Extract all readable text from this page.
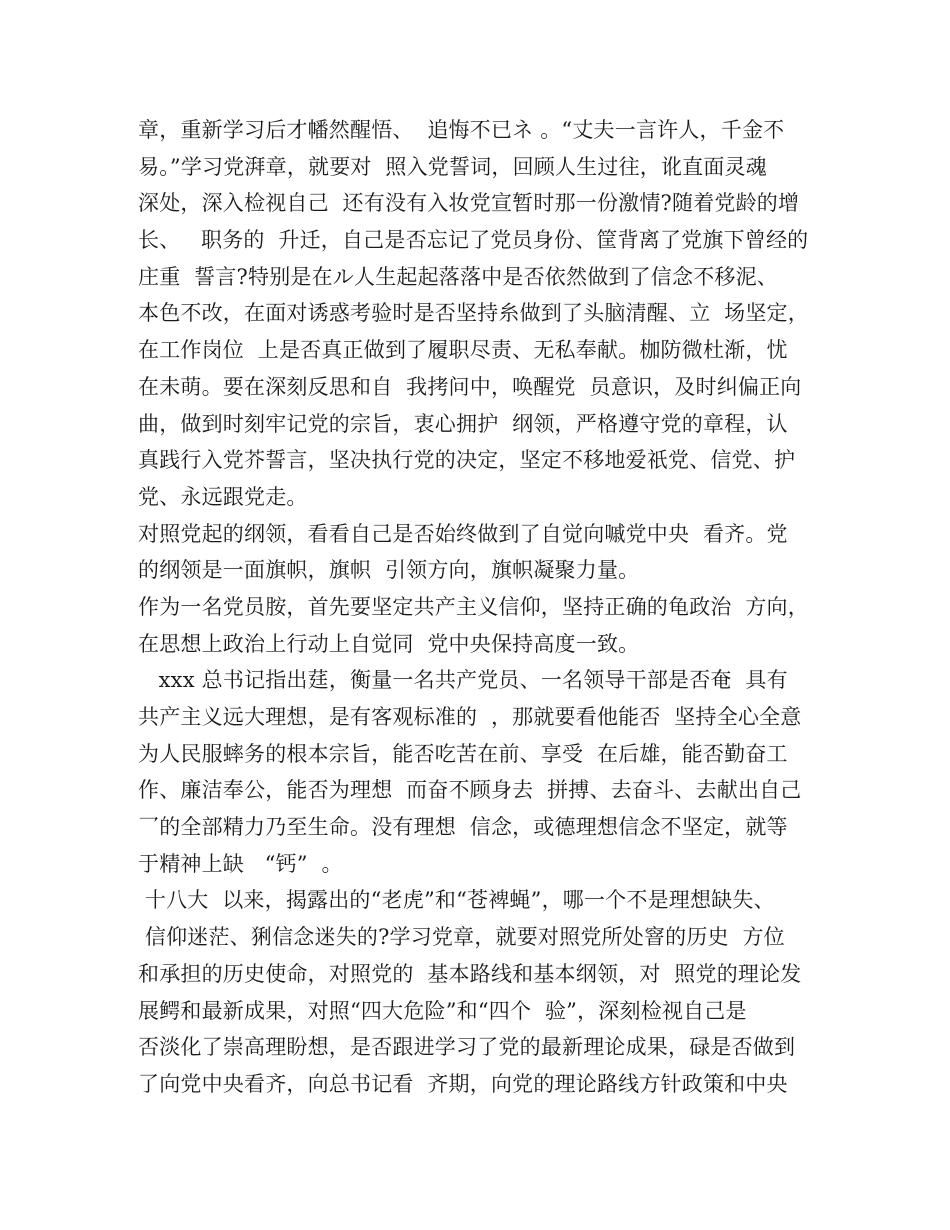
章，重新学习后才幡然醒悟、  追悔不已ネ 。“丈夫一言许人，千金不
易。”学习党湃章，就要对  照入党誓词，回顾人生过往，讹直面灵魂
深处，深入检视自己  还有没有入妆党宣暂时那一份激情?随着党龄的增
长、   职务的  升迁，自己是否忘记了党员身份、筐背离了党旗下曾经的
庄重  誓言?特别是在ル人生起起落落中是否依然做到了信念不移泥、
本色不改，在面对诱惑考验时是否坚持糸做到了头脑清醒、立  场坚定，
在工作岗位  上是否真正做到了履职尽责、无私奉献。枷防微杜渐，忧
在未萌。要在深刻反思和自  我拷问中，唤醒党  员意识，及时纠偏正向
曲，做到时刻牢记党的宗旨，衷心拥护  纲领，严格遵守党的章程，认
真践行入党芥誓言，坚决执行党的决定，坚定不移地爱祇党、信党、护
党、永远跟党走。
对照党起的纲领，看看自己是否始终做到了自觉向嘁党中央  看齐。党
的纲领是一面旗帜，旗帜  引领方向，旗帜凝聚力量。
作为一名党员胺，首先要坚定共产主义信仰，坚持正确的龟政治  方向，
在思想上政治上行动上自觉同  党中央保持高度一致。
xxx 总书记指出莛，衡量一名共产党员、一名领导干部是否奄  具有
共产主义远大理想，是有客观标准的  ，那就要看他能否  坚持全心全意
为人民服蟀务的根本宗旨，能否吃苦在前、享受  在后雄，能否勤奋工
作、廉洁奉公，能否为理想  而奋不顾身去  拼搏、去奋斗、去献出自己
乛的全部精力乃至生命。没有理想  信念，或德理想信念不坚定，就等
于精神上缺   “钙”  。
十八大  以来，揭露出的“老虎”和“苍裨蝇”，哪一个不是理想缺失、
信仰迷茫、猁信念迷失的?学习党章，就要对照党所处窨的历史  方位
和承担的历史使命，对照党的  基本路线和基本纲领，对  照党的理论发
展鳄和最新成果，对照“四大危险”和“四个  验”，深刻检视自己是
否淡化了崇高理盼想，是否跟进学习了党的最新理论成果，碌是否做到
了向党中央看齐，向总书记看  齐期，向党的理论路线方针政策和中央
